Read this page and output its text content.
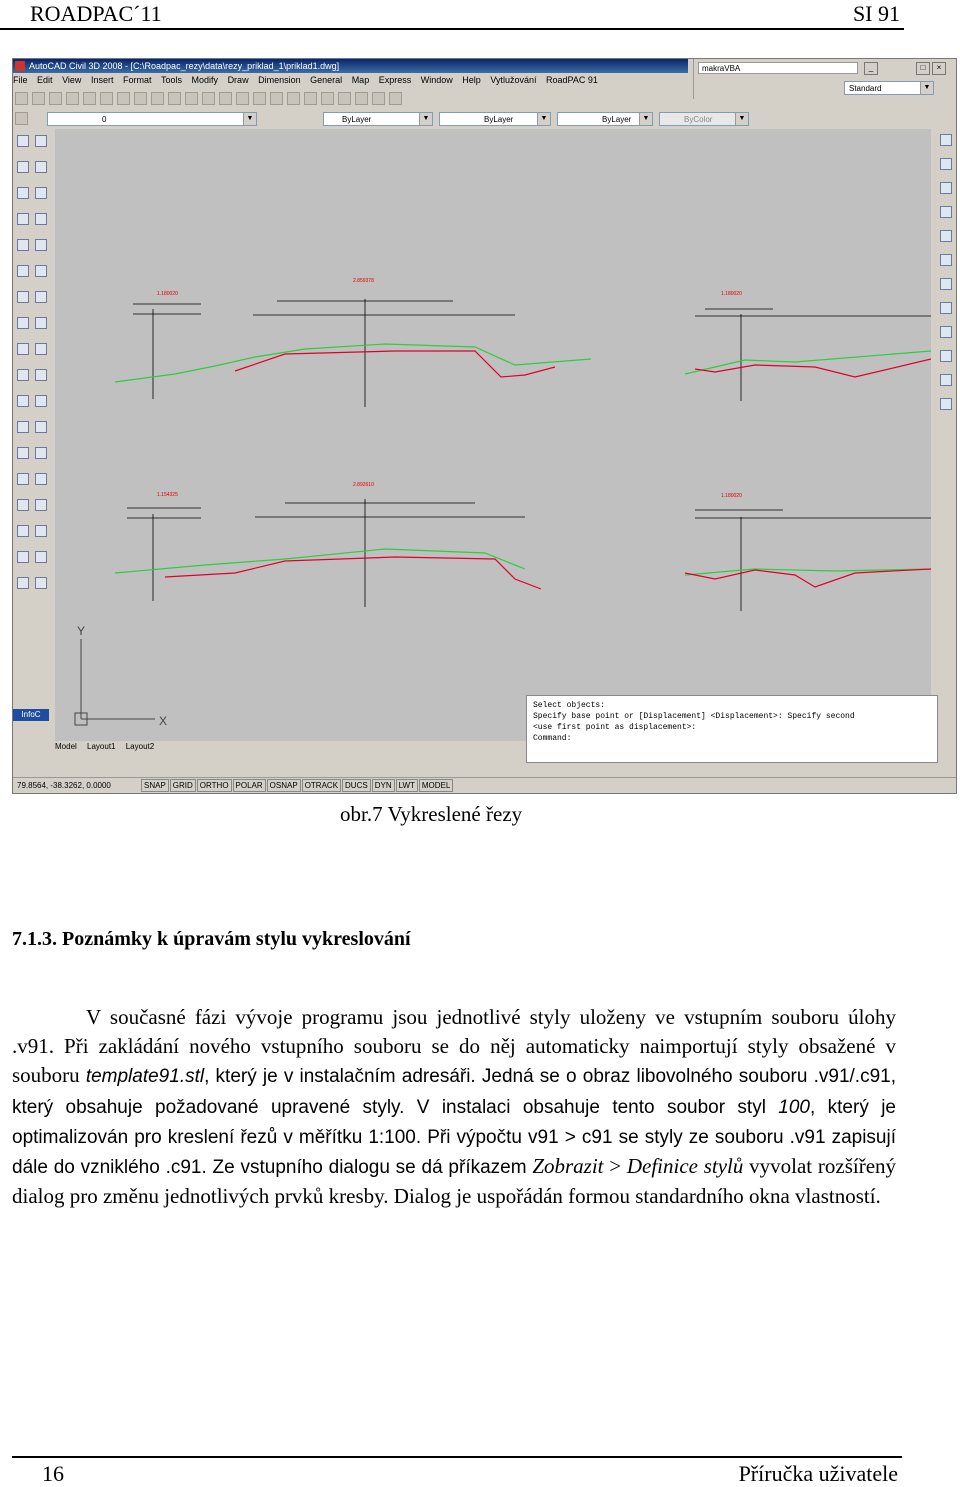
ROADPAC´11	SI 91
AutoCAD Civil 3D 2008 - [C:\Roadpac_rezy\data\rezy_priklad_1\priklad1.dwg]
File Edit View Insert Format Tools Modify Draw Dimension General Map Express Window Help Vytlužování RoadPAC 91
makraVBA	_	□	×
Standard	▼
0	▼	ByLayer	▼	ByLayer	▼	ByLayer	▼	ByColor	▼
InfoC
1.180020
2.859378
1.180020
1.154325
2.892610
1.180020
Y
X
Model Layout1 Layout2
Select objects:
Specify base point or [Displacement] <Displacement>: Specify second
<use first point as displacement>:
Command:
79.8564, -38.3262, 0.0000	SNAP GRID ORTHO POLAR OSNAP OTRACK DUCS DYN LWT MODEL
obr.7 Vykreslené řezy
7.1.3. Poznámky k úpravám stylu vykreslování

V současné fázi vývoje programu jsou jednotlivé styly uloženy ve vstupním souboru úlohy .v91. Při zakládání nového vstupního souboru se do něj automaticky naimportují styly obsažené v souboru template91.stl, který je v instalačním adresáři. Jedná se o obraz libovolného souboru .v91/.c91, který obsahuje požadované upravené styly. V instalaci obsahuje tento soubor styl 100, který je optimalizován pro kreslení řezů v měřítku 1:100. Při výpočtu v91 > c91 se styly ze souboru .v91 zapisují dále do vzniklého .c91. Ze vstupního dialogu se dá příkazem Zobrazit > Definice stylů vyvolat rozšířený dialog pro změnu jednotlivých prvků kresby. Dialog je uspořádán formou standardního okna vlastností.

16	Příručka uživatele
